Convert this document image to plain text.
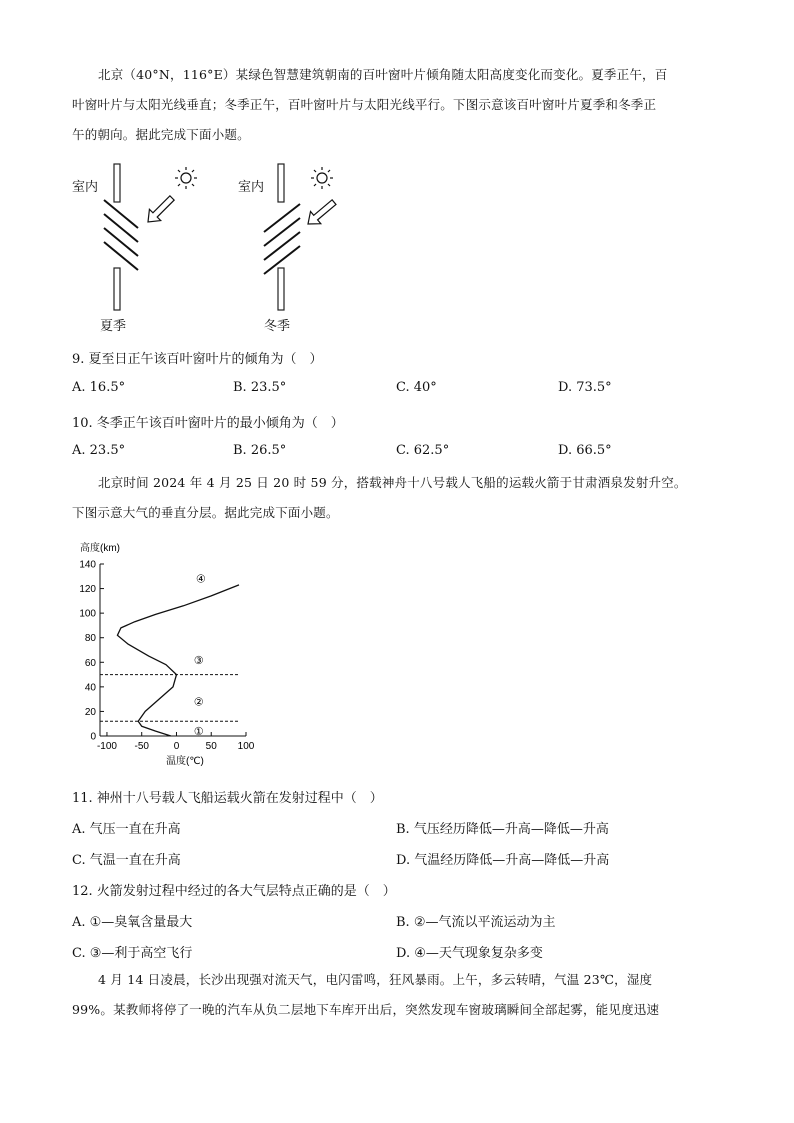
北京（40°N，116°E）某绿色智慧建筑朝南的百叶窗叶片倾角随太阳高度变化而变化。夏季正午，百
叶窗叶片与太阳光线垂直；冬季正午，百叶窗叶片与太阳光线平行。下图示意该百叶窗叶片夏季和冬季正
午的朝向。据此完成下面小题。
室内
夏季
室内
冬季
9. 夏至日正午该百叶窗叶片的倾角为（　）
A. 16.5°	B. 23.5°	C. 40°	D. 73.5°
10. 冬季正午该百叶窗叶片的最小倾角为（　）
A. 23.5°	B. 26.5°	C. 62.5°	D. 66.5°
北京时间 2024 年 4 月 25 日 20 时 59 分，搭载神舟十八号载人飞船的运载火箭于甘肃酒泉发射升空。
下图示意大气的垂直分层。据此完成下面小题。
高度(km)
温度(℃)
0
20
40
60
80
100
120
140
-100 -50 0	50 100
①
②
③
④
11. 神州十八号载人飞船运载火箭在发射过程中（　）
A. 气压一直在升高	B. 气压经历降低—升高—降低—升高
C. 气温一直在升高	D. 气温经历降低—升高—降低—升高
12. 火箭发射过程中经过的各大气层特点正确的是（　）
A. ①—臭氧含量最大	B. ②—气流以平流运动为主
C. ③—利于高空飞行	D. ④—天气现象复杂多变
4 月 14 日凌晨，长沙出现强对流天气，电闪雷鸣，狂风暴雨。上午，多云转晴，气温 23℃，湿度
99%。某教师将停了一晚的汽车从负二层地下车库开出后，突然发现车窗玻璃瞬间全部起雾，能见度迅速
